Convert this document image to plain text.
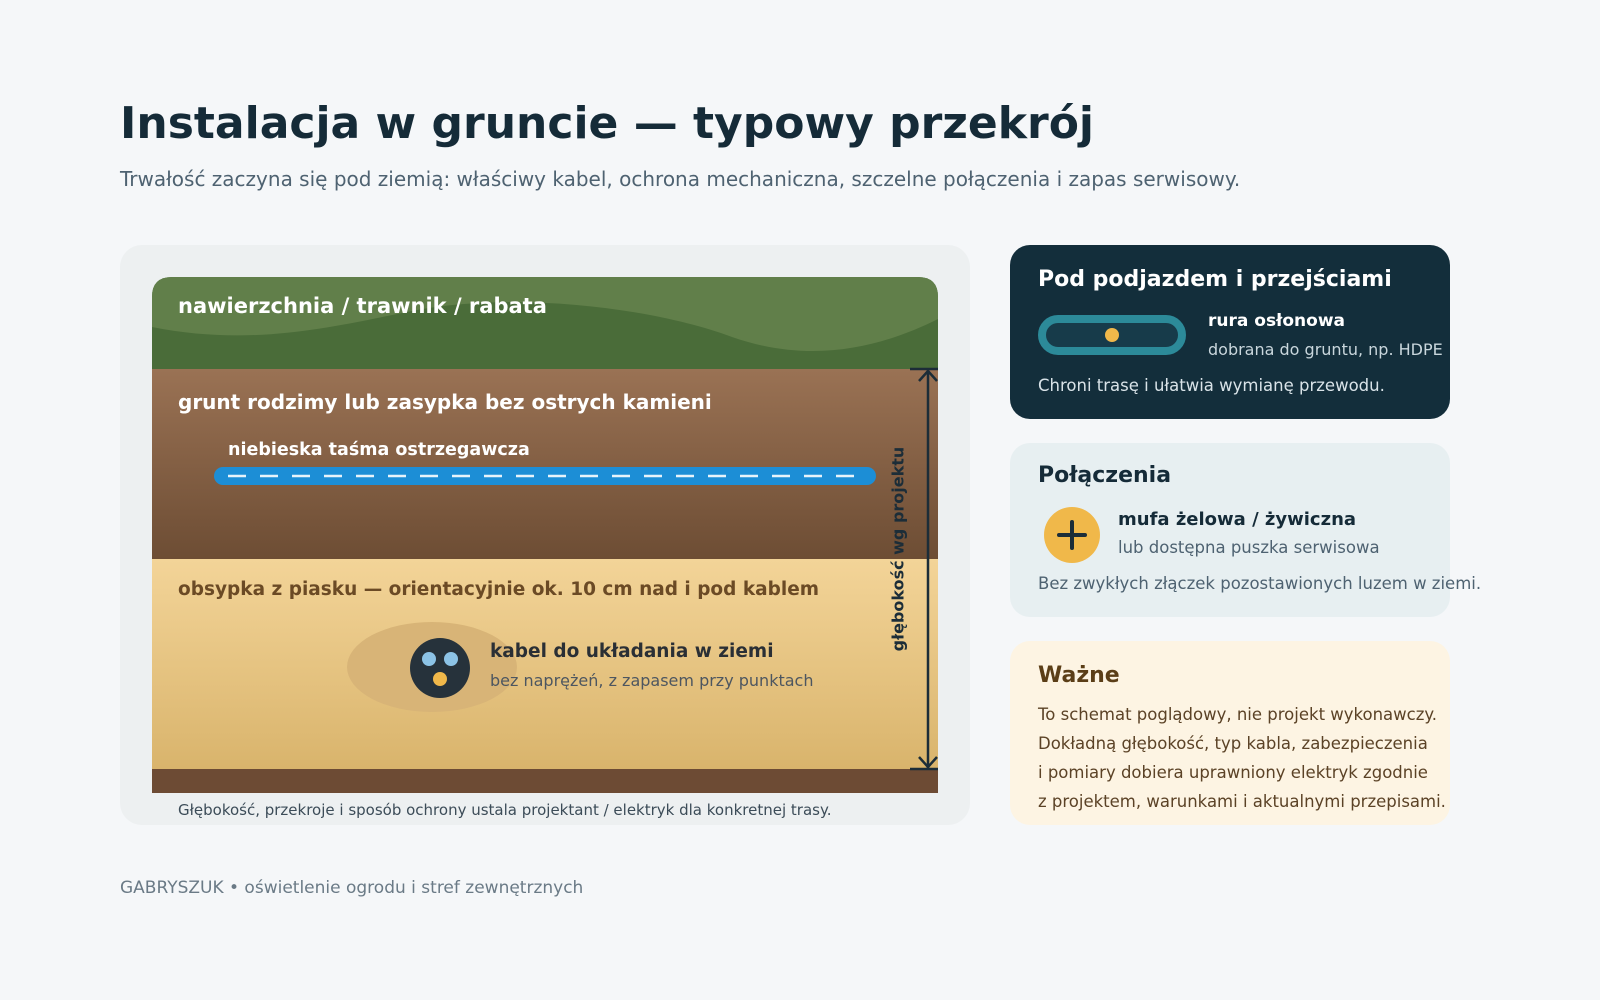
Instalacja w gruncie — typowy przekrój
Trwałość zaczyna się pod ziemią: właściwy kabel, ochrona mechaniczna, szczelne połączenia i zapas serwisowy.
nawierzchnia / trawnik / rabata
grunt rodzimy lub zasypka bez ostrych kamieni
niebieska taśma ostrzegawcza
obsypka z piasku — orientacyjnie ok. 10 cm nad i pod kablem
kabel do układania w ziemi
bez naprężeń, z zapasem przy punktach
głębokość wg projektu
Głębokość, przekroje i sposób ochrony ustala projektant / elektryk dla konkretnej trasy.
Pod podjazdem i przejściami
rura osłonowa
dobrana do gruntu, np. HDPE
Chroni trasę i ułatwia wymianę przewodu.
Połączenia
mufa żelowa / żywiczna
lub dostępna puszka serwisowa
Bez zwykłych złączek pozostawionych luzem w ziemi.
Ważne
To schemat poglądowy, nie projekt wykonawczy.
Dokładną głębokość, typ kabla, zabezpieczenia
i pomiary dobiera uprawniony elektryk zgodnie
z projektem, warunkami i aktualnymi przepisami.
GABRYSZUK • oświetlenie ogrodu i stref zewnętrznych
